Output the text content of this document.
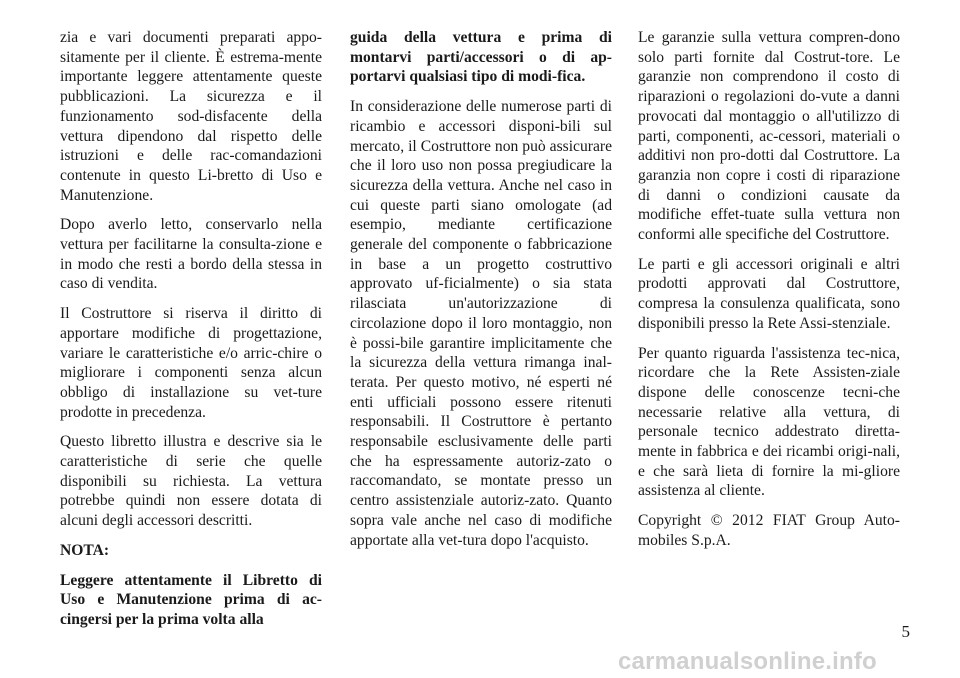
zia e vari documenti preparati appo-sitamente per il cliente. È estrema-mente importante leggere attentamente queste pubblicazioni. La sicurezza e il funzionamento sod-disfacente della vettura dipendono dal rispetto delle istruzioni e delle rac-comandazioni contenute in questo Li-bretto di Uso e Manutenzione.

Dopo averlo letto, conservarlo nella vettura per facilitarne la consulta-zione e in modo che resti a bordo della stessa in caso di vendita.

Il Costruttore si riserva il diritto di apportare modifiche di progettazione, variare le caratteristiche e/o arric-chire o migliorare i componenti senza alcun obbligo di installazione su vet-ture prodotte in precedenza.

Questo libretto illustra e descrive sia le caratteristiche di serie che quelle disponibili su richiesta. La vettura potrebbe quindi non essere dotata di alcuni degli accessori descritti.

NOTA:

Leggere attentamente il Libretto di Uso e Manutenzione prima di ac-cingersi per la prima volta alla

guida della vettura e prima di montarvi parti/accessori o di ap-portarvi qualsiasi tipo di modi-fica.

In considerazione delle numerose parti di ricambio e accessori disponi-bili sul mercato, il Costruttore non può assicurare che il loro uso non possa pregiudicare la sicurezza della vettura. Anche nel caso in cui queste parti siano omologate (ad esempio, mediante certificazione generale del componente o fabbricazione in base a un progetto costruttivo approvato uf-ficialmente) o sia stata rilasciata un'autorizzazione di circolazione dopo il loro montaggio, non è possi-bile garantire implicitamente che la sicurezza della vettura rimanga inal-terata. Per questo motivo, né esperti né enti ufficiali possono essere ritenuti responsabili. Il Costruttore è pertanto responsabile esclusivamente delle parti che ha espressamente autoriz-zato o raccomandato, se montate presso un centro assistenziale autoriz-zato. Quanto sopra vale anche nel caso di modifiche apportate alla vet-tura dopo l'acquisto.

Le garanzie sulla vettura compren-dono solo parti fornite dal Costrut-tore. Le garanzie non comprendono il costo di riparazioni o regolazioni do-vute a danni provocati dal montaggio o all'utilizzo di parti, componenti, ac-cessori, materiali o additivi non pro-dotti dal Costruttore. La garanzia non copre i costi di riparazione di danni o condizioni causate da modifiche effet-tuate sulla vettura non conformi alle specifiche del Costruttore.

Le parti e gli accessori originali e altri prodotti approvati dal Costruttore, compresa la consulenza qualificata, sono disponibili presso la Rete Assi-stenziale.

Per quanto riguarda l'assistenza tec-nica, ricordare che la Rete Assisten-ziale dispone delle conoscenze tecni-che necessarie relative alla vettura, di personale tecnico addestrato diretta-mente in fabbrica e dei ricambi origi-nali, e che sarà lieta di fornire la mi-gliore assistenza al cliente.

Copyright © 2012 FIAT Group Auto-mobiles S.p.A.

5
carmanualsonline.info
